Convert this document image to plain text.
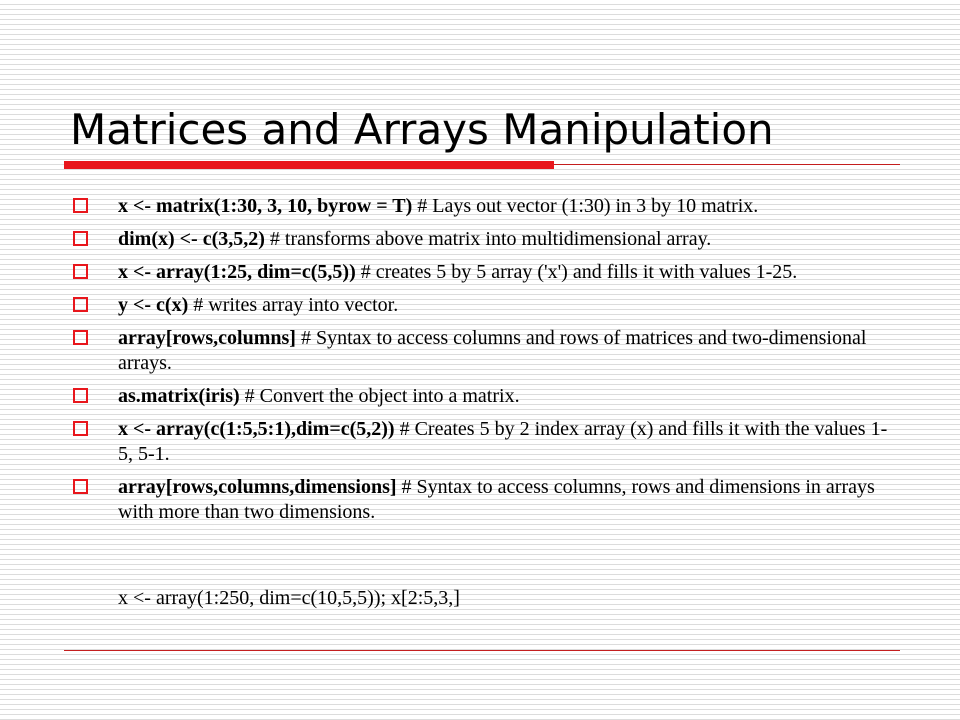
Matrices and Arrays Manipulation
x <- matrix(1:30, 3, 10, byrow = T) # Lays out vector (1:30) in 3 by 10 matrix.
dim(x) <- c(3,5,2) # transforms above matrix into multidimensional array.
x <- array(1:25, dim=c(5,5)) # creates 5 by 5 array ('x') and fills it with values 1-25.
y <- c(x) # writes array into vector.
array[rows,columns] # Syntax to access columns and rows of matrices and two-dimensional arrays.
as.matrix(iris) # Convert the object into a matrix.
x <- array(c(1:5,5:1),dim=c(5,2)) # Creates 5 by 2 index array (x) and fills it with the values 1-5, 5-1.
array[rows,columns,dimensions] # Syntax to access columns, rows and dimensions in arrays with more than two dimensions.
x <- array(1:250, dim=c(10,5,5)); x[2:5,3,]
